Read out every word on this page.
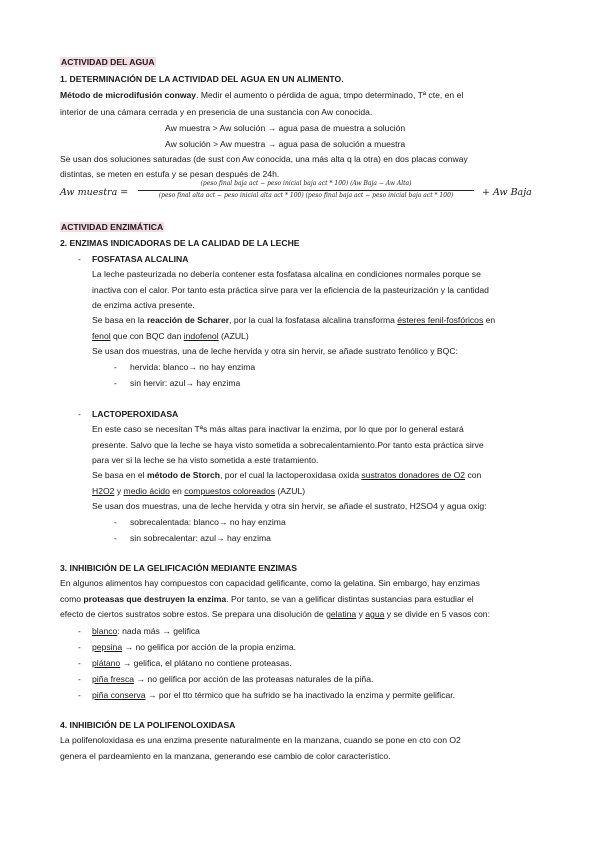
ACTIVIDAD DEL AGUA
1. DETERMINACIÓN DE LA ACTIVIDAD DEL AGUA EN UN ALIMENTO.
Método de microdifusión conway. Medir el aumento o pérdida de agua, tmpo determinado, Tª cte, en el
interior de una cámara cerrada y en presencia de una sustancia con Aw conocida.
Aw muestra > Aw solución → agua pasa de muestra a solución
Aw solución > Aw muestra → agua pasa de solución a muestra
Se usan dos soluciones saturadas (de sust con Aw conocida, una más alta q la otra) en dos placas conway
distintas, se meten en estufa y se pesan después de 24h.
Aw muestra =
(peso final baja act − peso inicial baja act * 100) (Aw Baja − Aw Alta)
(peso final alta act − peso inicial alta act * 100) (peso final baja act − peso inicial baja act * 100)	+ Aw Baja
ACTIVIDAD ENZIMÁTICA
2. ENZIMAS INDICADORAS DE LA CALIDAD DE LA LECHE
- FOSFATASA ALCALINA
La leche pasteurizada no debería contener esta fosfatasa alcalina en condiciones normales porque se
inactiva con el calor. Por tanto esta práctica sirve para ver la eficiencia de la pasteurización y la cantidad
de enzima activa presente.
Se basa en la reacción de Scharer, por la cual la fosfatasa alcalina transforma ésteres fenil-fosfóricos en
fenol que con BQC dan indofenol (AZUL)
Se usan dos muestras, una de leche hervida y otra sin hervir, se añade sustrato fenólico y BQC:
- hervida: blanco→ no hay enzima
- sin hervir: azul→ hay enzima
- LACTOPEROXIDASA
En este caso se necesitan Tªs más altas para inactivar la enzima, por lo que por lo general estará
presente. Salvo que la leche se haya visto sometida a sobrecalentamiento.Por tanto esta práctica sirve
para ver si la leche se ha visto sometida a este tratamiento.
Se basa en el método de Storch, por el cual la lactoperoxidasa oxida sustratos donadores de O2 con
H2O2 y medio ácido en compuestos coloreados (AZUL)
Se usan dos muestras, una de leche hervida y otra sin hervir, se añade el sustrato, H2SO4 y agua oxig:
- sobrecalentada: blanco→ no hay enzima
- sin sobrecalentar: azul→ hay enzima
3. INHIBICIÓN DE LA GELIFICACIÓN MEDIANTE ENZIMAS
En algunos alimentos hay compuestos con capacidad gelificante, como la gelatina. Sin embargo, hay enzimas
como proteasas que destruyen la enzima. Por tanto, se van a gelificar distintas sustancias para estudiar el
efecto de ciertos sustratos sobre estos. Se prepara una disolución de gelatina y agua y se divide en 5 vasos con:
- blanco: nada más → gelifica
- pepsina → no gelifica por acción de la propia enzima.
- plátano → gelifica, el plátano no contiene proteasas.
- piña fresca → no gelifica por acción de las proteasas naturales de la piña.
- piña conserva → por el tto térmico que ha sufrido se ha inactivado la enzima y permite gelificar.
4. INHIBICIÓN DE LA POLIFENOLOXIDASA
La polifenoloxidasa es una enzima presente naturalmente en la manzana, cuando se pone en cto con O2
genera el pardeamiento en la manzana, generando ese cambio de color característico.
